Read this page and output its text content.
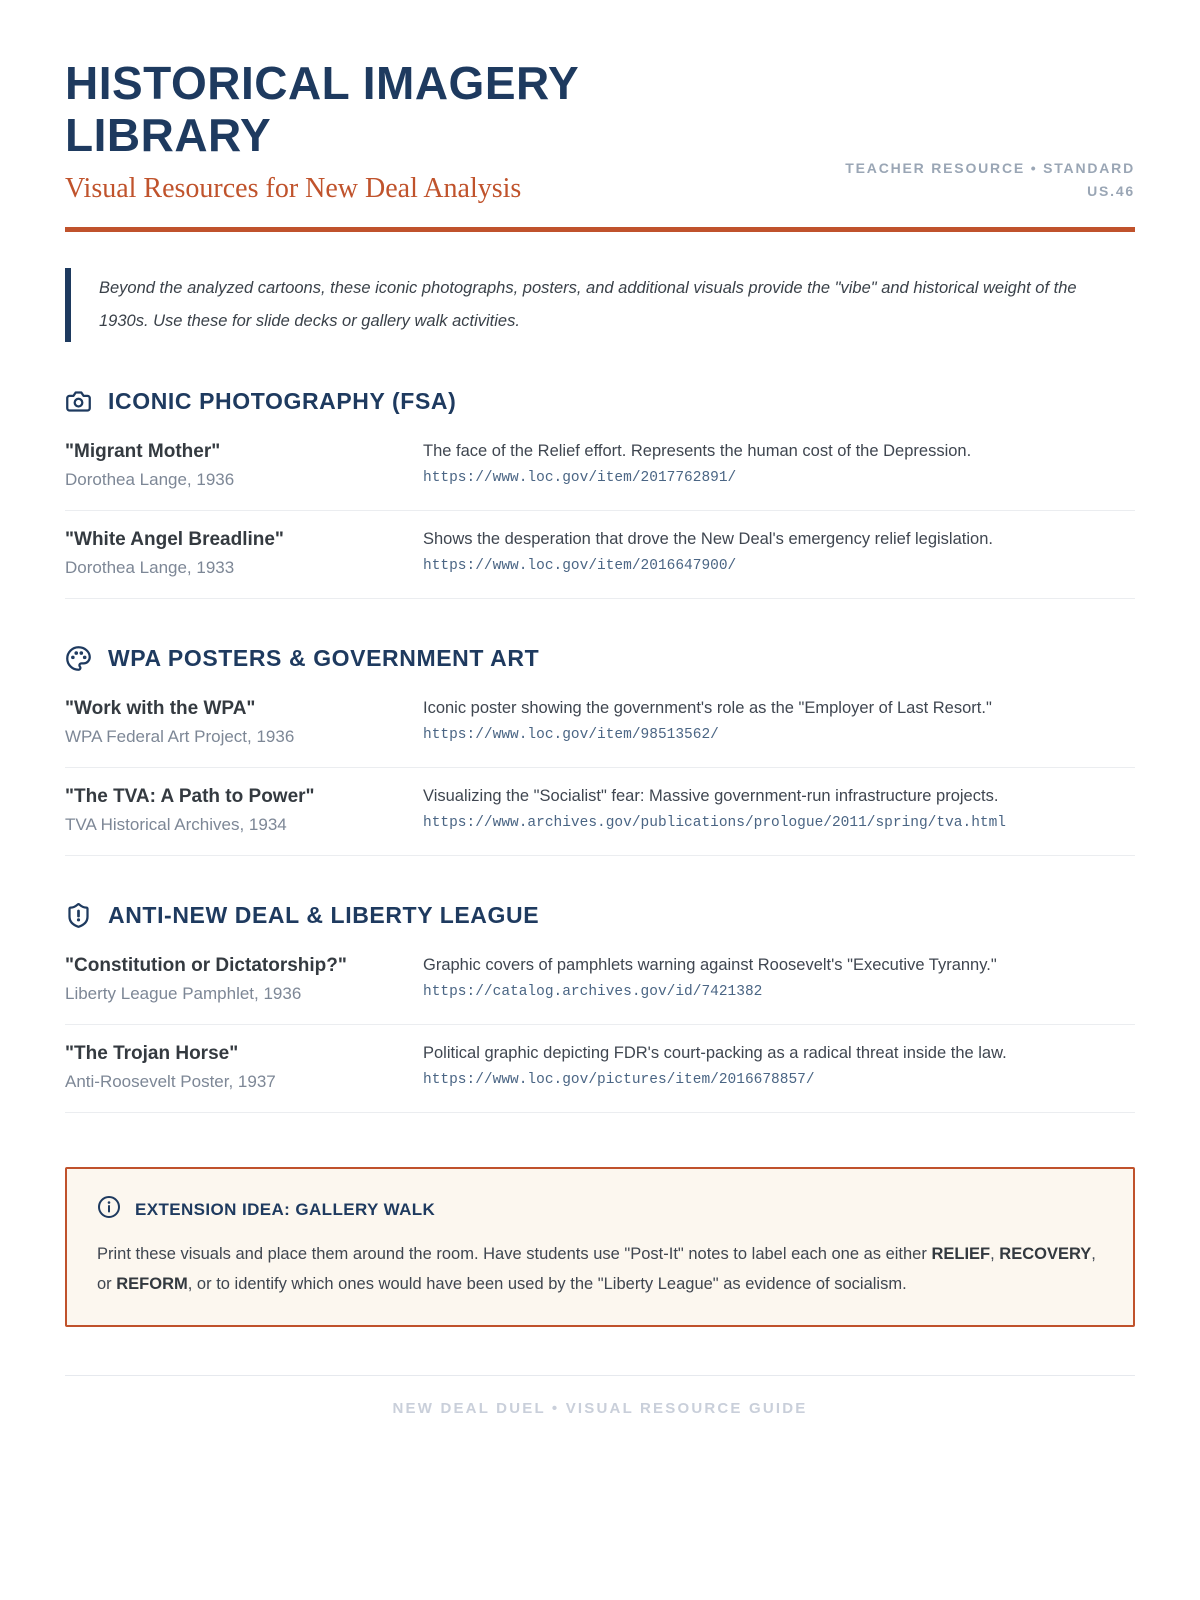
HISTORICAL IMAGERY LIBRARY
Visual Resources for New Deal Analysis
TEACHER RESOURCE • STANDARD
US.46
Beyond the analyzed cartoons, these iconic photographs, posters, and additional visuals provide the "vibe" and historical weight of the 1930s. Use these for slide decks or gallery walk activities.
ICONIC PHOTOGRAPHY (FSA)
"Migrant Mother"
Dorothea Lange, 1936
The face of the Relief effort. Represents the human cost of the Depression.
https://www.loc.gov/item/2017762891/
"White Angel Breadline"
Dorothea Lange, 1933
Shows the desperation that drove the New Deal's emergency relief legislation.
https://www.loc.gov/item/2016647900/
WPA POSTERS & GOVERNMENT ART
"Work with the WPA"
WPA Federal Art Project, 1936
Iconic poster showing the government's role as the "Employer of Last Resort."
https://www.loc.gov/item/98513562/
"The TVA: A Path to Power"
TVA Historical Archives, 1934
Visualizing the "Socialist" fear: Massive government-run infrastructure projects.
https://www.archives.gov/publications/prologue/2011/spring/tva.html
ANTI-NEW DEAL & LIBERTY LEAGUE
"Constitution or Dictatorship?"
Liberty League Pamphlet, 1936
Graphic covers of pamphlets warning against Roosevelt's "Executive Tyranny."
https://catalog.archives.gov/id/7421382
"The Trojan Horse"
Anti-Roosevelt Poster, 1937
Political graphic depicting FDR's court-packing as a radical threat inside the law.
https://www.loc.gov/pictures/item/2016678857/
EXTENSION IDEA: GALLERY WALK

Print these visuals and place them around the room. Have students use "Post-It" notes to label each one as either RELIEF, RECOVERY, or REFORM, or to identify which ones would have been used by the "Liberty League" as evidence of socialism.

NEW DEAL DUEL • VISUAL RESOURCE GUIDE
